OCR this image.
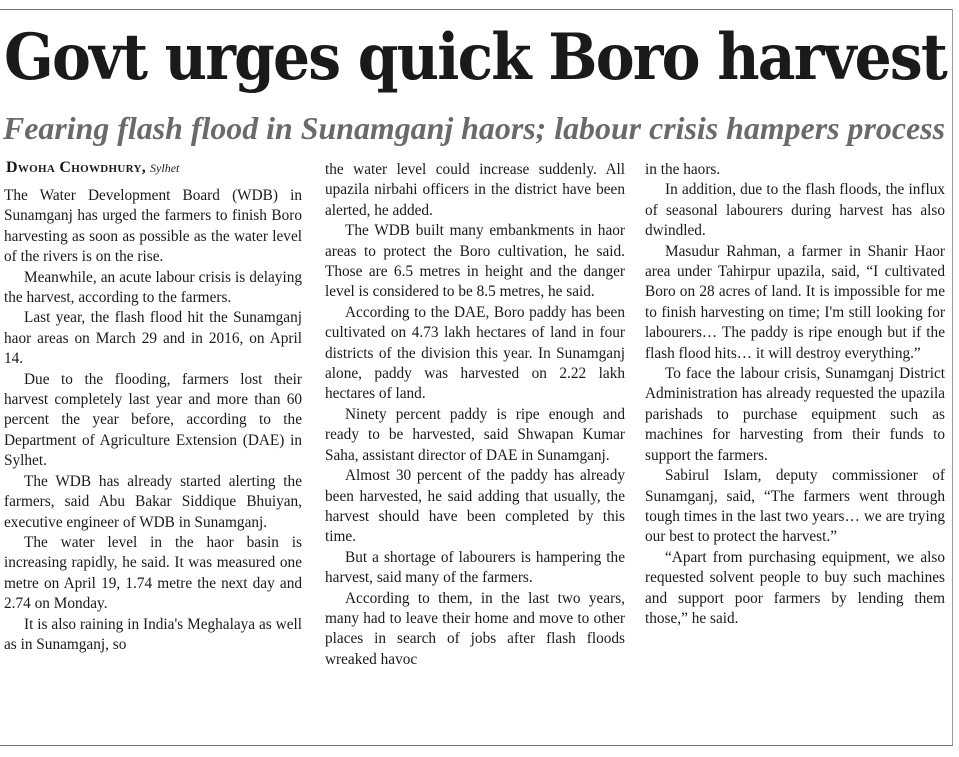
Govt urges quick Boro harvest

Fearing flash flood in Sunamganj haors; labour crisis hampers process

Dwoha Chowdhury, Sylhet

The Water Development Board (WDB) in Sunamganj has urged the farmers to finish Boro harvesting as soon as possible as the water level of the rivers is on the rise.

Meanwhile, an acute labour crisis is delaying the harvest, according to the farmers.

Last year, the flash flood hit the Sunamganj haor areas on March 29 and in 2016, on April 14.

Due to the flooding, farmers lost their harvest completely last year and more than 60 percent the year before, according to the Department of Agriculture Extension (DAE) in Sylhet.

The WDB has already started alerting the farmers, said Abu Bakar Siddique Bhuiyan, executive engineer of WDB in Sunamganj.

The water level in the haor basin is increasing rapidly, he said. It was measured one metre on April 19, 1.74 metre the next day and 2.74 on Monday.

It is also raining in India's Meghalaya as well as in Sunamganj, so

the water level could increase suddenly. All upazila nirbahi officers in the district have been alerted, he added.

The WDB built many embankments in haor areas to protect the Boro cultivation, he said. Those are 6.5 metres in height and the danger level is considered to be 8.5 metres, he said.

According to the DAE, Boro paddy has been cultivated on 4.73 lakh hectares of land in four districts of the division this year. In Sunamganj alone, paddy was harvested on 2.22 lakh hectares of land.

Ninety percent paddy is ripe enough and ready to be harvested, said Shwapan Kumar Saha, assistant director of DAE in Sunamganj.

Almost 30 percent of the paddy has already been harvested, he said adding that usually, the harvest should have been completed by this time.

But a shortage of labourers is hampering the harvest, said many of the farmers.

According to them, in the last two years, many had to leave their home and move to other places in search of jobs after flash floods wreaked havoc

in the haors.

In addition, due to the flash floods, the influx of seasonal labourers during harvest has also dwindled.

Masudur Rahman, a farmer in Shanir Haor area under Tahirpur upazila, said, “I cultivated Boro on 28 acres of land. It is impossible for me to finish harvesting on time; I'm still looking for labourers… The paddy is ripe enough but if the flash flood hits… it will destroy everything.”

To face the labour crisis, Sunamganj District Administration has already requested the upazila parishads to purchase equipment such as machines for harvesting from their funds to support the farmers.

Sabirul Islam, deputy commissioner of Sunamganj, said, “The farmers went through tough times in the last two years… we are trying our best to protect the harvest.”

“Apart from purchasing equipment, we also requested solvent people to buy such machines and support poor farmers by lending them those,” he said.
